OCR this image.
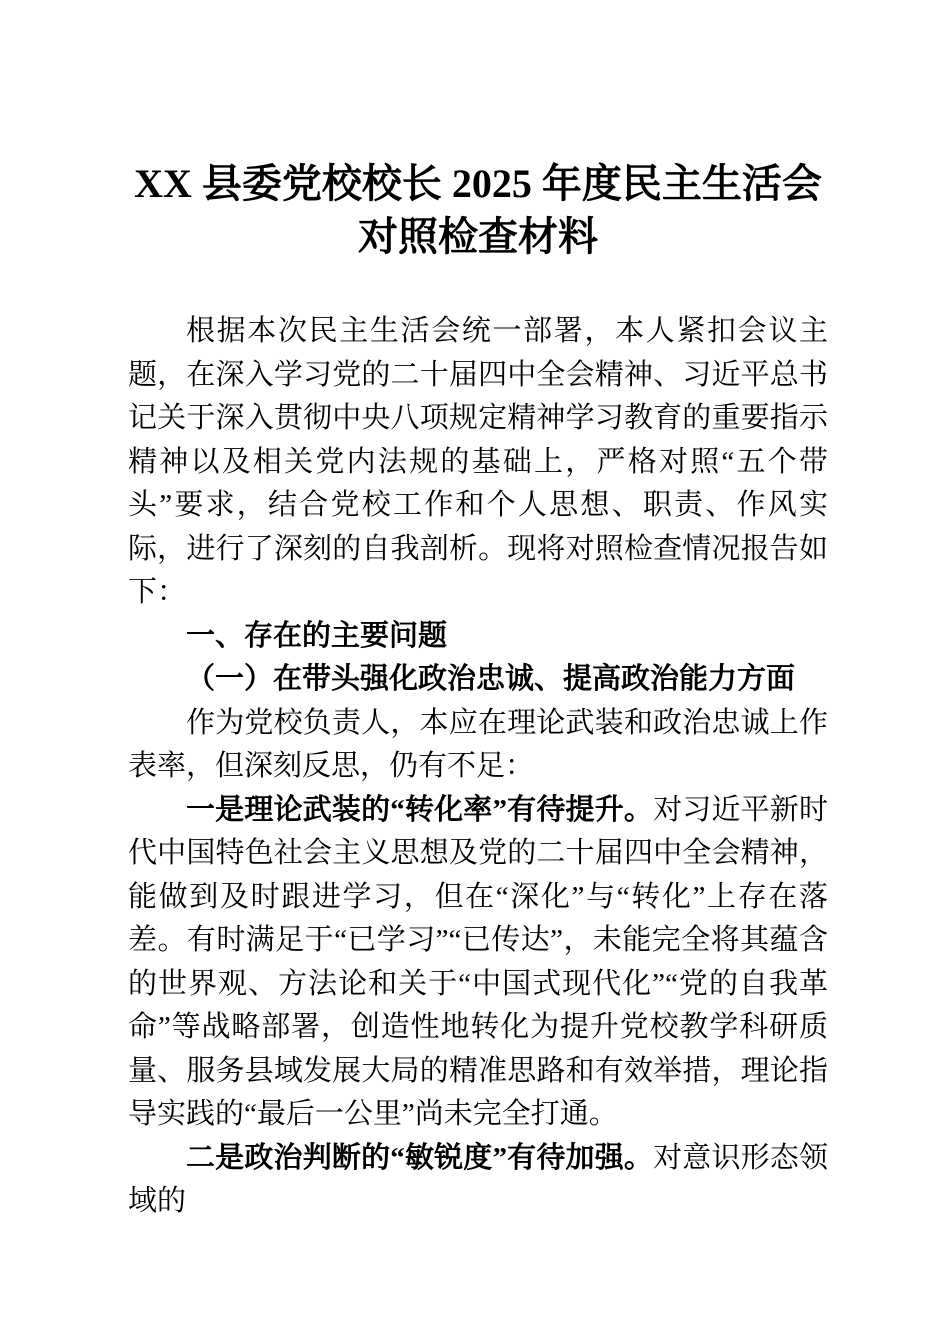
XX 县委党校校长 2025 年度民主生活会对照检查材料

根据本次民主生活会统一部署，本人紧扣会议主题，在深入学习党的二十届四中全会精神、习近平总书记关于深入贯彻中央八项规定精神学习教育的重要指示精神以及相关党内法规的基础上，严格对照“五个带头”要求，结合党校工作和个人思想、职责、作风实际，进行了深刻的自我剖析。现将对照检查情况报告如下：

一、存在的主要问题
（一）在带头强化政治忠诚、提高政治能力方面

作为党校负责人，本应在理论武装和政治忠诚上作表率，但深刻反思，仍有不足：

一是理论武装的“转化率”有待提升。对习近平新时代中国特色社会主义思想及党的二十届四中全会精神，能做到及时跟进学习，但在“深化”与“转化”上存在落差。有时满足于“已学习”“已传达”，未能完全将其蕴含的世界观、方法论和关于“中国式现代化”“党的自我革命”等战略部署，创造性地转化为提升党校教学科研质量、服务县域发展大局的精准思路和有效举措，理论指导实践的“最后一公里”尚未完全打通。

二是政治判断的“敏锐度”有待加强。对意识形态领域的
